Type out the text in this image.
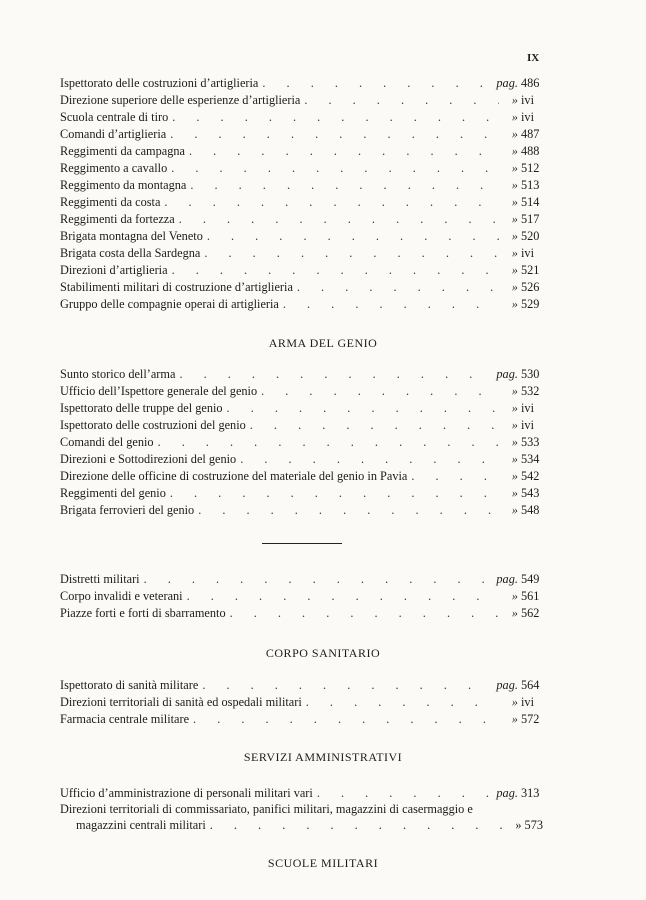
IX
Ispettorato delle costruzioni d’artiglieria . . .	pag. 486
Direzione superiore delle esperienze d’artiglieria . . .	» ivi
Scuola centrale di tiro . . .	» ivi
Comandi d’artiglieria . . .	» 487
Reggimenti da campagna . . .	» 488
Reggimento a cavallo . . .	» 512
Reggimento da montagna . . .	» 513
Reggimenti da costa . . .	» 514
Reggimenti da fortezza . . .	» 517
Brigata montagna del Veneto . . .	» 520
Brigata costa della Sardegna . . .	» ivi
Direzioni d’artiglieria . . .	» 521
Stabilimenti militari di costruzione d’artiglieria . . .	» 526
Gruppo delle compagnie operai di artiglieria . . .	» 529
ARMA DEL GENIO
Sunto storico dell’arma . . .	pag. 530
Ufficio dell’Ispettore generale del genio . . .	» 532
Ispettorato delle truppe del genio . . .	» ivi
Ispettorato delle costruzioni del genio . . .	» ivi
Comandi del genio . . .	» 533
Direzioni e Sottodirezioni del genio . . .	» 534
Direzione delle officine di costruzione del materiale del genio in Pavia . . .	» 542
Reggimenti del genio . . .	» 543
Brigata ferrovieri del genio . . .	» 548
Distretti militari . . .	pag. 549
Corpo invalidi e veterani . . .	» 561
Piazze forti e forti di sbarramento . . .	» 562
CORPO SANITARIO
Ispettorato di sanità militare . . .	pag. 564
Direzioni territoriali di sanità ed ospedali militari . . .	» ivi
Farmacia centrale militare . . .	» 572
SERVIZI AMMINISTRATIVI
Ufficio d’amministrazione di personali militari vari . . .	pag. 313
Direzioni territoriali di commissariato, panifici militari, magazzini di casermaggio e
magazzini centrali militari . . .	» 573
SCUOLE MILITARI
